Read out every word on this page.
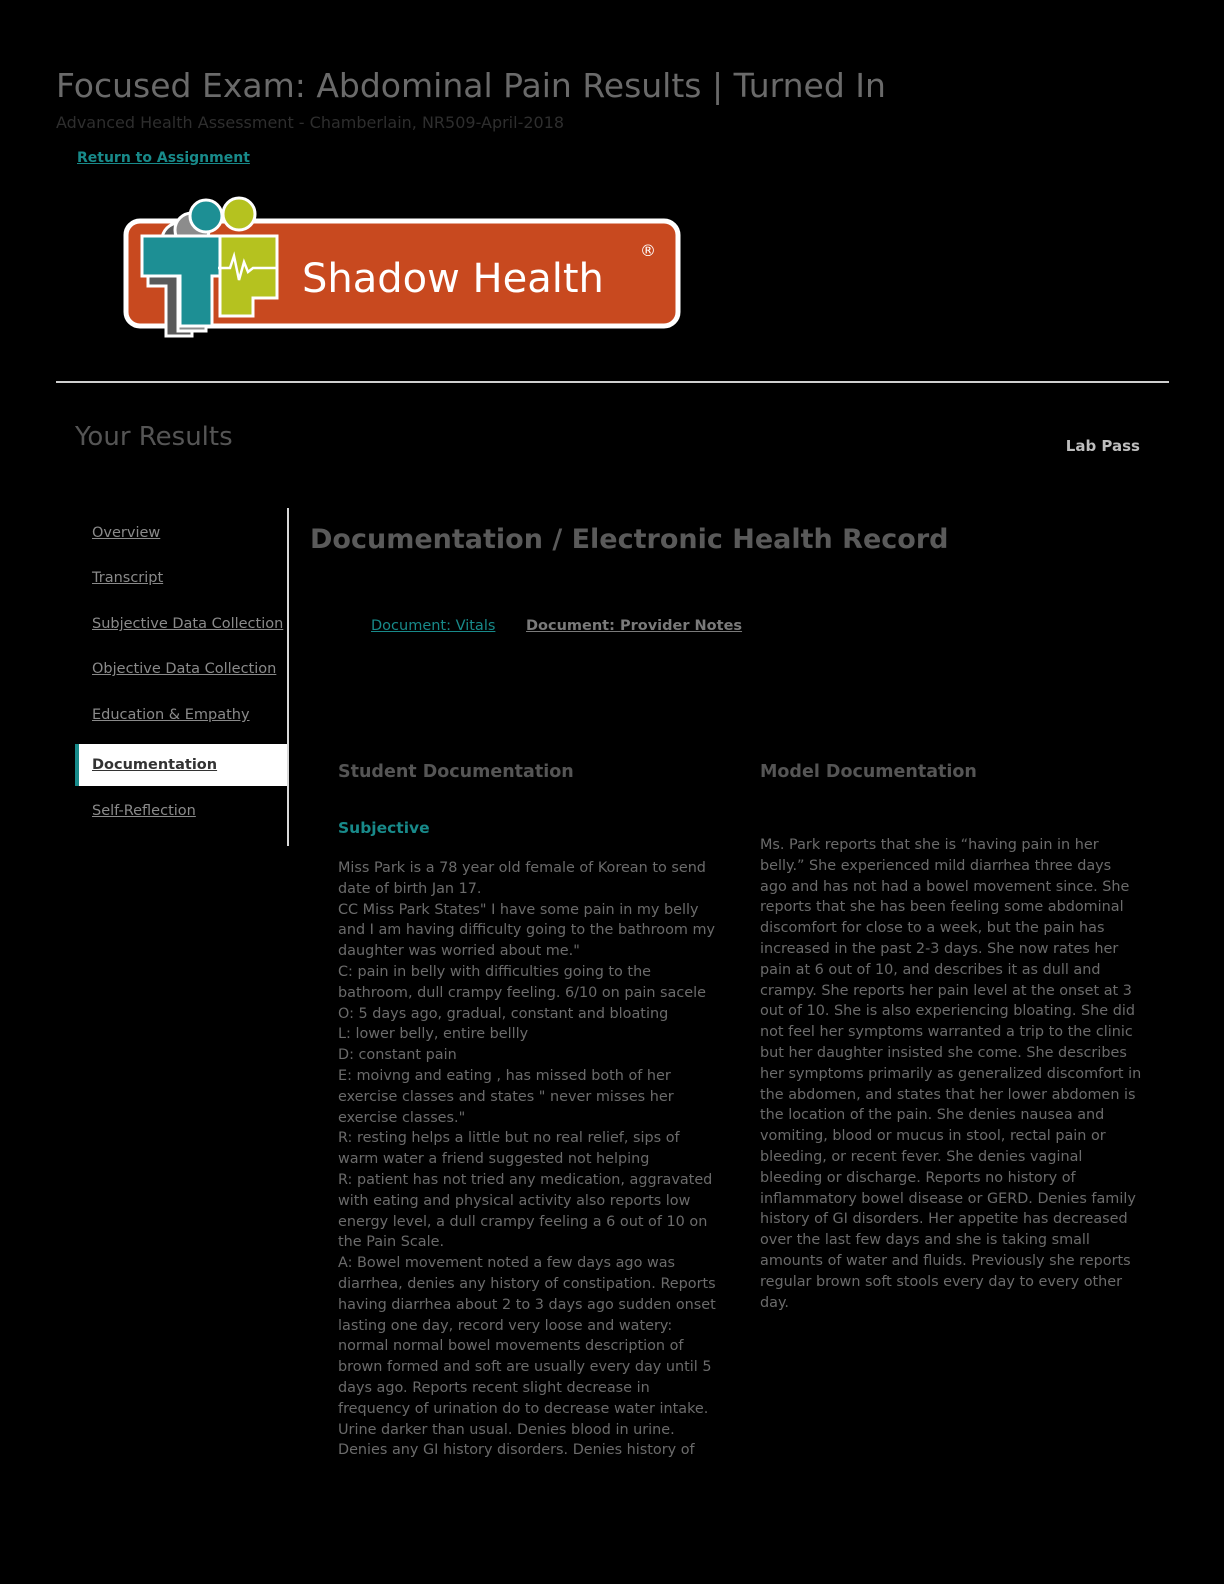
Focused Exam: Abdominal Pain Results | Turned In
Advanced Health Assessment - Chamberlain, NR509-April-2018
Return to Assignment
Shadow Health
®
Your Results	Lab Pass
Overview
Transcript
Subjective Data Collection
Objective Data Collection
Education & Empathy
Documentation
Self-Reflection
Documentation / Electronic Health Record
Document: Vitals Document: Provider Notes
Student Documentation	Model Documentation
Subjective
Miss Park is a 78 year old female of Korean to send
date of birth Jan 17.
CC Miss Park States" I have some pain in my belly
and I am having difficulty going to the bathroom my
daughter was worried about me."
C: pain in belly with difficulties going to the
bathroom, dull crampy feeling. 6/10 on pain sacele
O: 5 days ago, gradual, constant and bloating
L: lower belly, entire bellly
D: constant pain
E: moivng and eating , has missed both of her
exercise classes and states " never misses her
exercise classes."
R: resting helps a little but no real relief, sips of
warm water a friend suggested not helping
R: patient has not tried any medication, aggravated
with eating and physical activity also reports low
energy level, a dull crampy feeling a 6 out of 10 on
the Pain Scale.
A: Bowel movement noted a few days ago was
diarrhea, denies any history of constipation. Reports
having diarrhea about 2 to 3 days ago sudden onset
lasting one day, record very loose and watery:
normal normal bowel movements description of
brown formed and soft are usually every day until 5
days ago. Reports recent slight decrease in
frequency of urination do to decrease water intake.
Urine darker than usual. Denies blood in urine.
Denies any GI history disorders. Denies history of
Ms. Park reports that she is “having pain in her
belly.” She experienced mild diarrhea three days
ago and has not had a bowel movement since. She
reports that she has been feeling some abdominal
discomfort for close to a week, but the pain has
increased in the past 2-3 days. She now rates her
pain at 6 out of 10, and describes it as dull and
crampy. She reports her pain level at the onset at 3
out of 10. She is also experiencing bloating. She did
not feel her symptoms warranted a trip to the clinic
but her daughter insisted she come. She describes
her symptoms primarily as generalized discomfort in
the abdomen, and states that her lower abdomen is
the location of the pain. She denies nausea and
vomiting, blood or mucus in stool, rectal pain or
bleeding, or recent fever. She denies vaginal
bleeding or discharge. Reports no history of
inflammatory bowel disease or GERD. Denies family
history of GI disorders. Her appetite has decreased
over the last few days and she is taking small
amounts of water and fluids. Previously she reports
regular brown soft stools every day to every other
day.
